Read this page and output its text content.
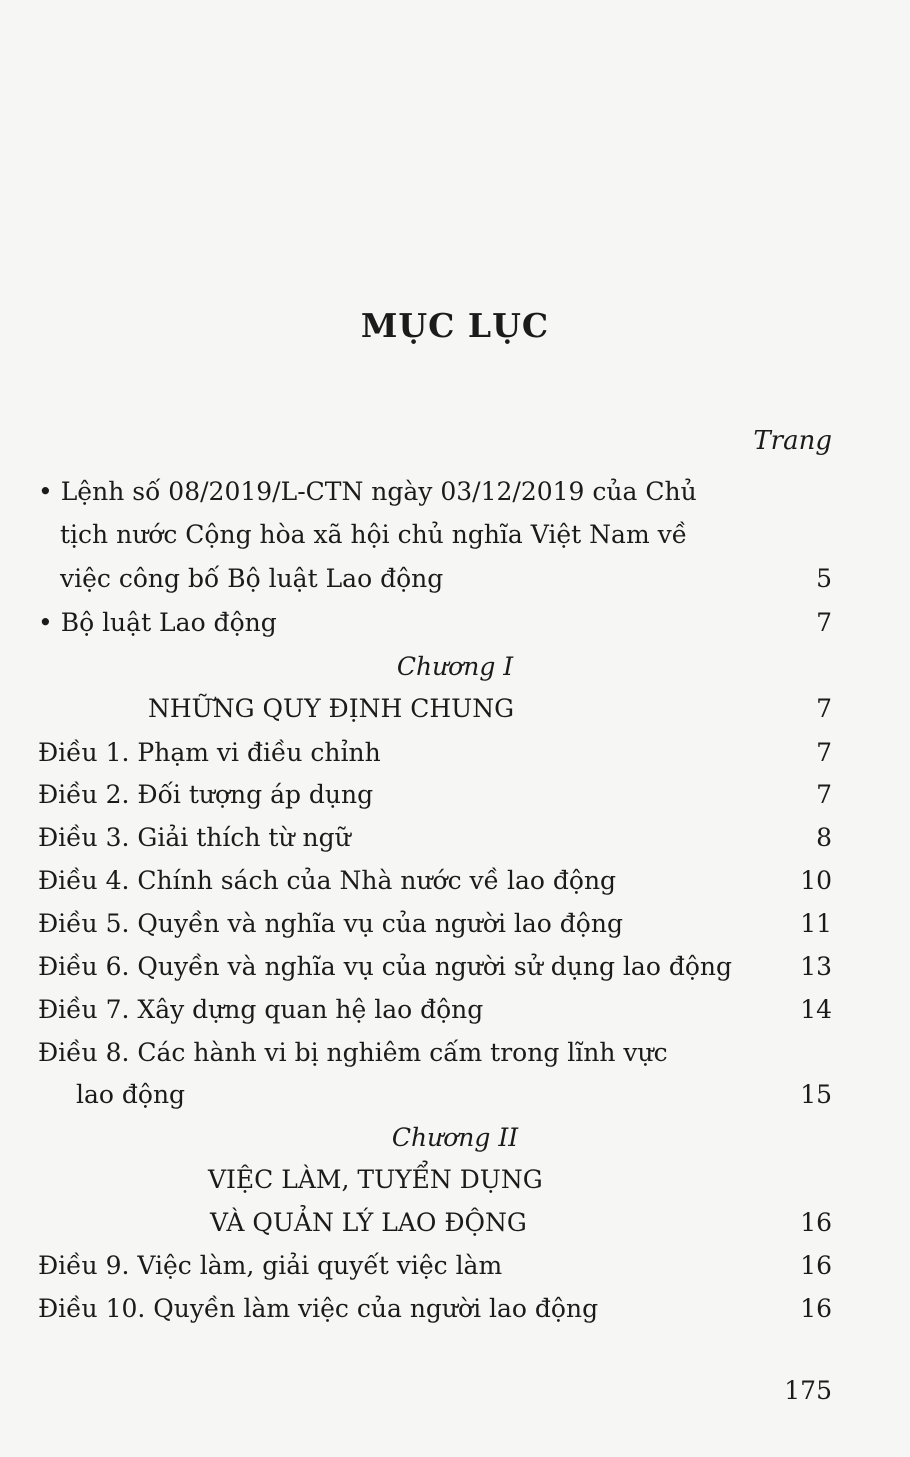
MỤC LỤC
Trang
• Lệnh số 08/2019/L-CTN ngày 03/12/2019 của Chủ
tịch nước Cộng hòa xã hội chủ nghĩa Việt Nam về
việc công bố Bộ luật Lao động	5
• Bộ luật Lao động	7
Chương I
NHỮNG QUY ĐỊNH CHUNG	7
Điều 1. Phạm vi điều chỉnh	7
Điều 2. Đối tượng áp dụng	7
Điều 3. Giải thích từ ngữ	8
Điều 4. Chính sách của Nhà nước về lao động	10
Điều 5. Quyền và nghĩa vụ của người lao động	11
Điều 6. Quyền và nghĩa vụ của người sử dụng lao động	13
Điều 7. Xây dựng quan hệ lao động	14
Điều 8. Các hành vi bị nghiêm cấm trong lĩnh vực
lao động	15
Chương II
VIỆC LÀM, TUYỂN DỤNG
VÀ QUẢN LÝ LAO ĐỘNG	16
Điều 9. Việc làm, giải quyết việc làm	16
Điều 10. Quyền làm việc của người lao động	16
175
